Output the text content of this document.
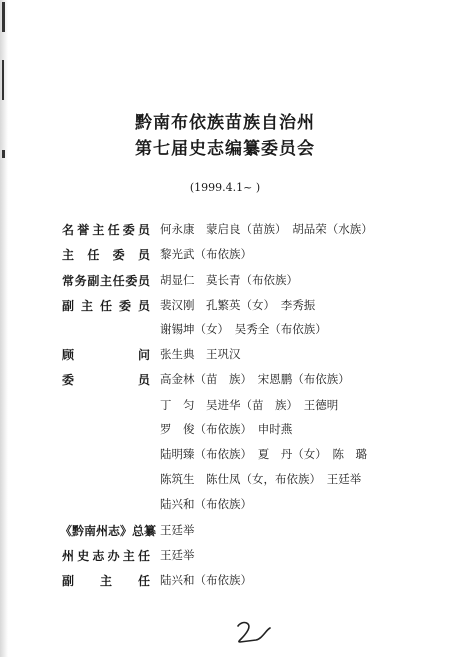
黔南布依族苗族自治州
第七届史志编纂委员会
(1999.4.1~ )
名誉主任委员 何永康　蒙启良（苗族）　胡品荣（水族）
主 任 委 员 黎光武（布依族）
常务副主任委员 胡显仁　莫长青（布依族）
副主任委员 裴汉刚　孔繁英（女）　李秀振
谢锡坤（女）　吴秀全（布依族）
顾 问 张生典　王巩汉
委 员 高金林（苗　族）　宋恩鹏（布依族）
丁　匀　吴进华（苗　族）　王德明
罗　俊（布依族）　申时燕
陆明臻（布依族）　夏　丹（女）　陈　璐
陈筑生　陈仕凤（女，布依族）　王廷举
陆兴和（布依族）
《黔南州志》总纂 王廷举
州史志办主任 王廷举
副 主 任 陆兴和（布依族）
